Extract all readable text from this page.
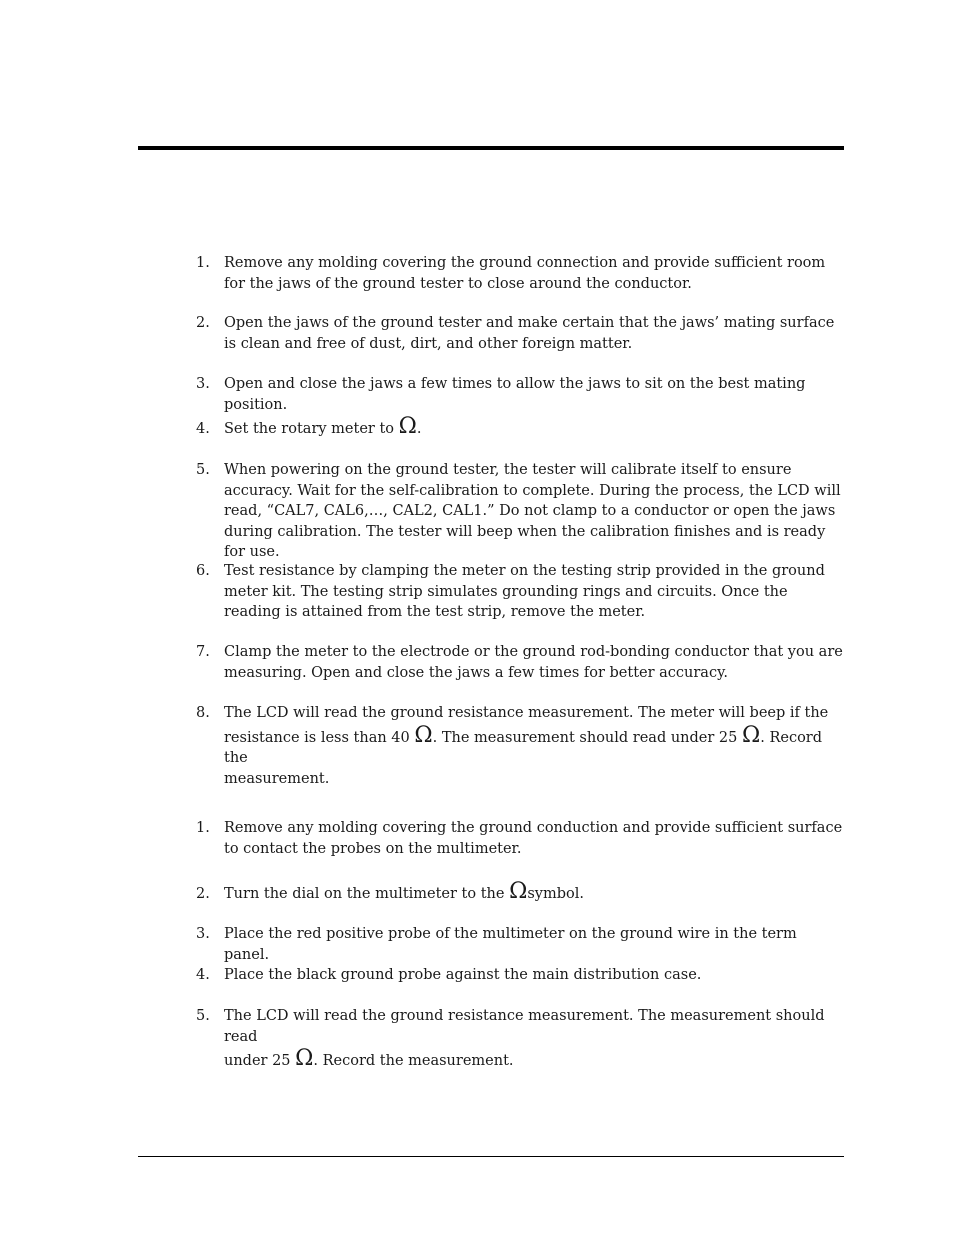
1. Remove any molding covering the ground connection and provide sufficient room for the jaws of the ground tester to close around the conductor.
2. Open the jaws of the ground tester and make certain that the jaws’ mating surface is clean and free of dust, dirt, and other foreign matter.
3. Open and close the jaws a few times to allow the jaws to sit on the best mating position.
4. Set the rotary meter to Ω.
5. When powering on the ground tester, the tester will calibrate itself to ensure accuracy. Wait for the self-calibration to complete. During the process, the LCD will read, “CAL7, CAL6,…, CAL2, CAL1.” Do not clamp to a conductor or open the jaws during calibration. The tester will beep when the calibration finishes and is ready for use.
6. Test resistance by clamping the meter on the testing strip provided in the ground meter kit. The testing strip simulates grounding rings and circuits. Once the reading is attained from the test strip, remove the meter.
7. Clamp the meter to the electrode or the ground rod-bonding conductor that you are measuring. Open and close the jaws a few times for better accuracy.
8. The LCD will read the ground resistance measurement. The meter will beep if the
resistance is less than 40 Ω. The measurement should read under 25 Ω. Record the
measurement.
1. Remove any molding covering the ground conduction and provide sufficient surface to contact the probes on the multimeter.
2. Turn the dial on the multimeter to the Ωsymbol.
3. Place the red positive probe of the multimeter on the ground wire in the term panel.
4. Place the black ground probe against the main distribution case.
5. The LCD will read the ground resistance measurement. The measurement should read
under 25 Ω. Record the measurement.
